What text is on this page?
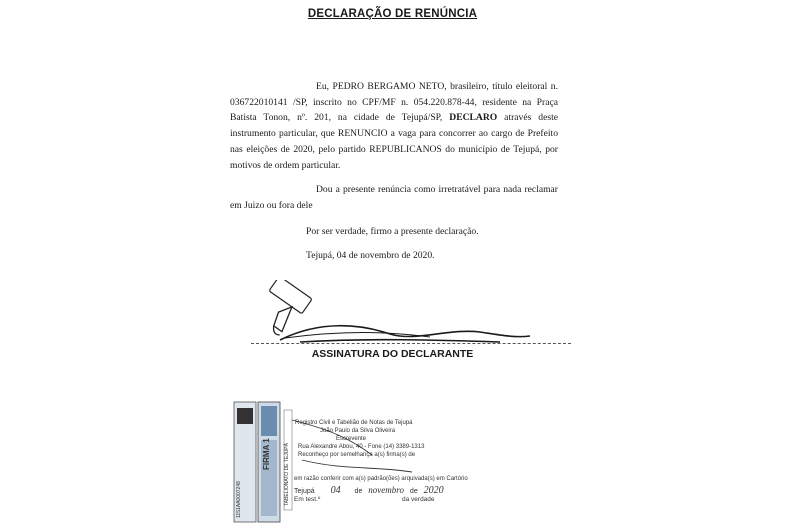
DECLARAÇÃO DE RENÚNCIA

Eu, PEDRO BERGAMO NETO, brasileiro, título eleitoral n. 036722010141 /SP, inscrito no CPF/MF n. 054.220.878-44, residente na Praça Batista Tonon, nº. 201, na cidade de Tejupá/SP, DECLARO através deste instrumento particular, que RENUNCIO a vaga para concorrer ao cargo de Prefeito nas eleições de 2020, pelo partido REPUBLICANOS do município de Tejupá, por motivos de ordem particular.

Dou a presente renúncia como irretratável para nada reclamar em Juizo ou fora dele

Por ser verdade, firmo a presente declaração.
Tejupá, 04 de novembro de 2020.
ASSINATURA DO DECLARANTE
Registro Civil e Tabelião de Notas de Tejupá
João Paulo da Silva Oliveira
Escrevente
Rua Alexandre Abou, 40 - Fone (14) 3389-1313
Reconheço por semelhança a(s) firma(s) de
em razão conferir com a(s) padrão(ões) arquivada(s) em Cartório
Tejupá 04 de novembro de 2020
Em test.º	da verdade
FIRMA 1
1151AA0007248	TABELIONATO DE TEJUPÁ
